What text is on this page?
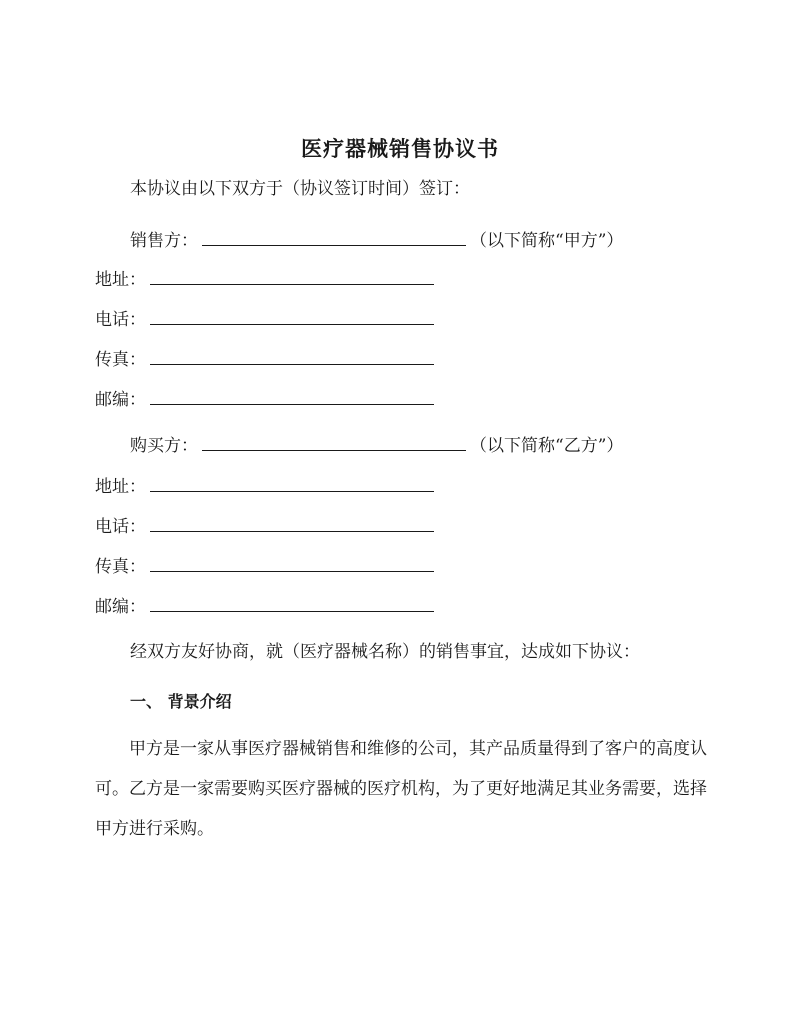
医疗器械销售协议书
本协议由以下双方于（协议签订时间）签订：
销售方：	（以下简称“甲方”）
地址：
电话：
传真：
邮编：
购买方：	（以下简称“乙方”）
地址：
电话：
传真：
邮编：
经双方友好协商，就（医疗器械名称）的销售事宜，达成如下协议：
一、 背景介绍
甲方是一家从事医疗器械销售和维修的公司，其产品质量得到了客户的高度认可。乙方是一家需要购买医疗器械的医疗机构，为了更好地满足其业务需要，选择甲方进行采购。
